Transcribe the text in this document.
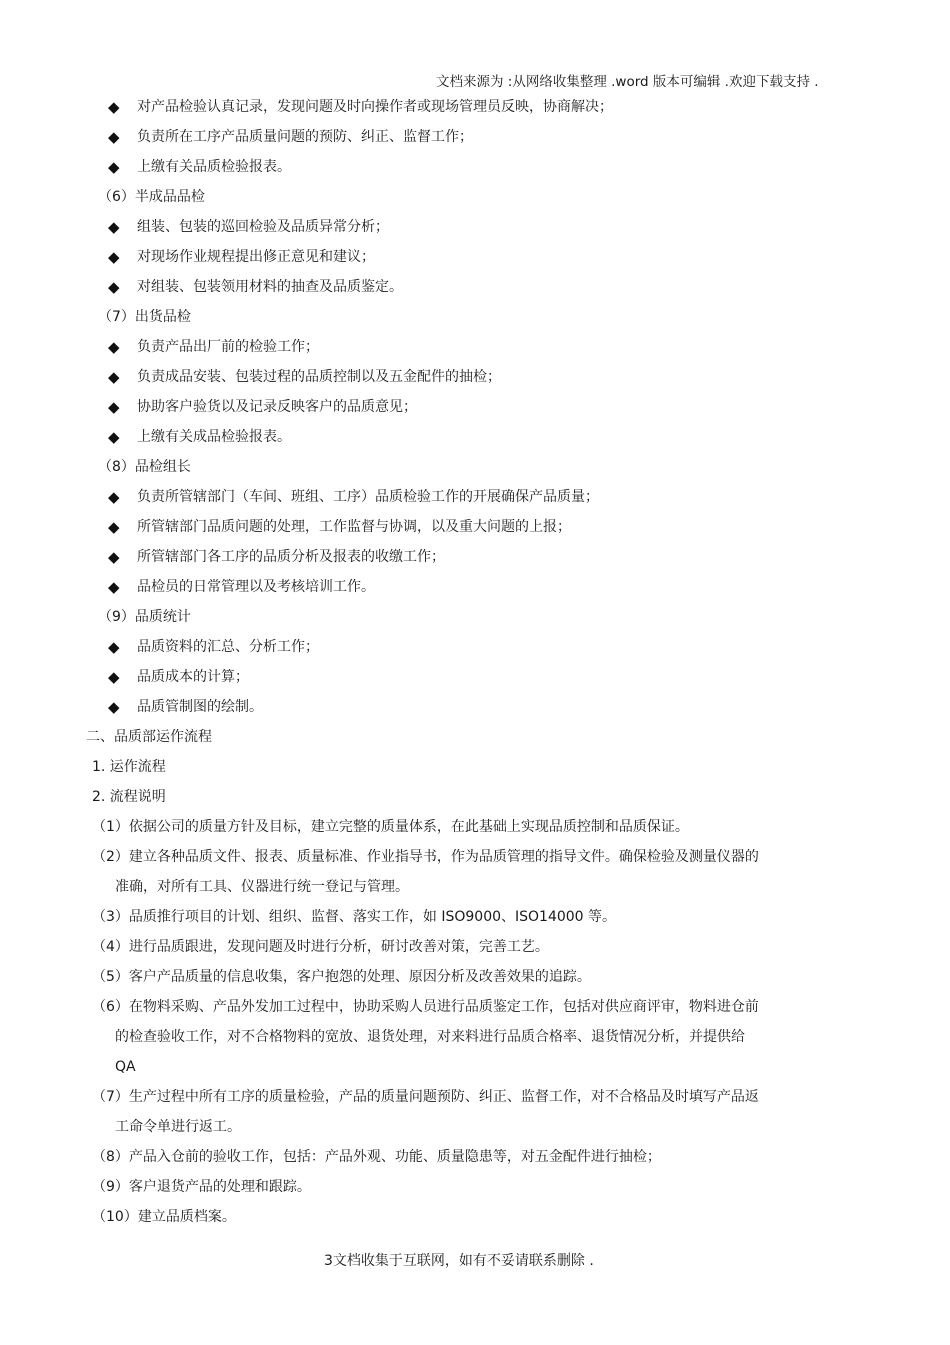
文档来源为 :从网络收集整理 .word 版本可编辑 .欢迎下载支持 .
◆ 对产品检验认真记录，发现问题及时向操作者或现场管理员反映，协商解决；
◆ 负责所在工序产品质量问题的预防、纠正、监督工作；
◆ 上缴有关品质检验报表。
（6）半成品品检
◆ 组装、包装的巡回检验及品质异常分析；
◆ 对现场作业规程提出修正意见和建议；
◆ 对组装、包装领用材料的抽查及品质鉴定。
（7）出货品检
◆ 负责产品出厂前的检验工作；
◆ 负责成品安装、包装过程的品质控制以及五金配件的抽检；
◆ 协助客户验货以及记录反映客户的品质意见；
◆ 上缴有关成品检验报表。
（8）品检组长
◆ 负责所管辖部门（车间、班组、工序）品质检验工作的开展确保产品质量；
◆ 所管辖部门品质问题的处理，工作监督与协调，以及重大问题的上报；
◆ 所管辖部门各工序的品质分析及报表的收缴工作；
◆ 品检员的日常管理以及考核培训工作。
（9）品质统计
◆ 品质资料的汇总、分析工作；
◆ 品质成本的计算；
◆ 品质管制图的绘制。
二、品质部运作流程
1. 运作流程
2. 流程说明
（1）依据公司的质量方针及目标，建立完整的质量体系，在此基础上实现品质控制和品质保证。
（2）建立各种品质文件、报表、质量标准、作业指导书，作为品质管理的指导文件。确保检验及测量仪器的
准确，对所有工具、仪器进行统一登记与管理。
（3）品质推行项目的计划、组织、监督、落实工作，如 ISO9000、ISO14000 等。
（4）进行品质跟进，发现问题及时进行分析，研讨改善对策，完善工艺。
（5）客户产品质量的信息收集，客户抱怨的处理、原因分析及改善效果的追踪。
（6）在物料采购、产品外发加工过程中，协助采购人员进行品质鉴定工作，包括对供应商评审，物料进仓前
的检查验收工作，对不合格物料的宽放、退货处理，对来料进行品质合格率、退货情况分析，并提供给
QA
（7）生产过程中所有工序的质量检验，产品的质量问题预防、纠正、监督工作，对不合格品及时填写产品返
工命令单进行返工。
（8）产品入仓前的验收工作，包括：产品外观、功能、质量隐患等，对五金配件进行抽检；
（9）客户退货产品的处理和跟踪。
（10）建立品质档案。
3文档收集于互联网，如有不妥请联系删除 .
